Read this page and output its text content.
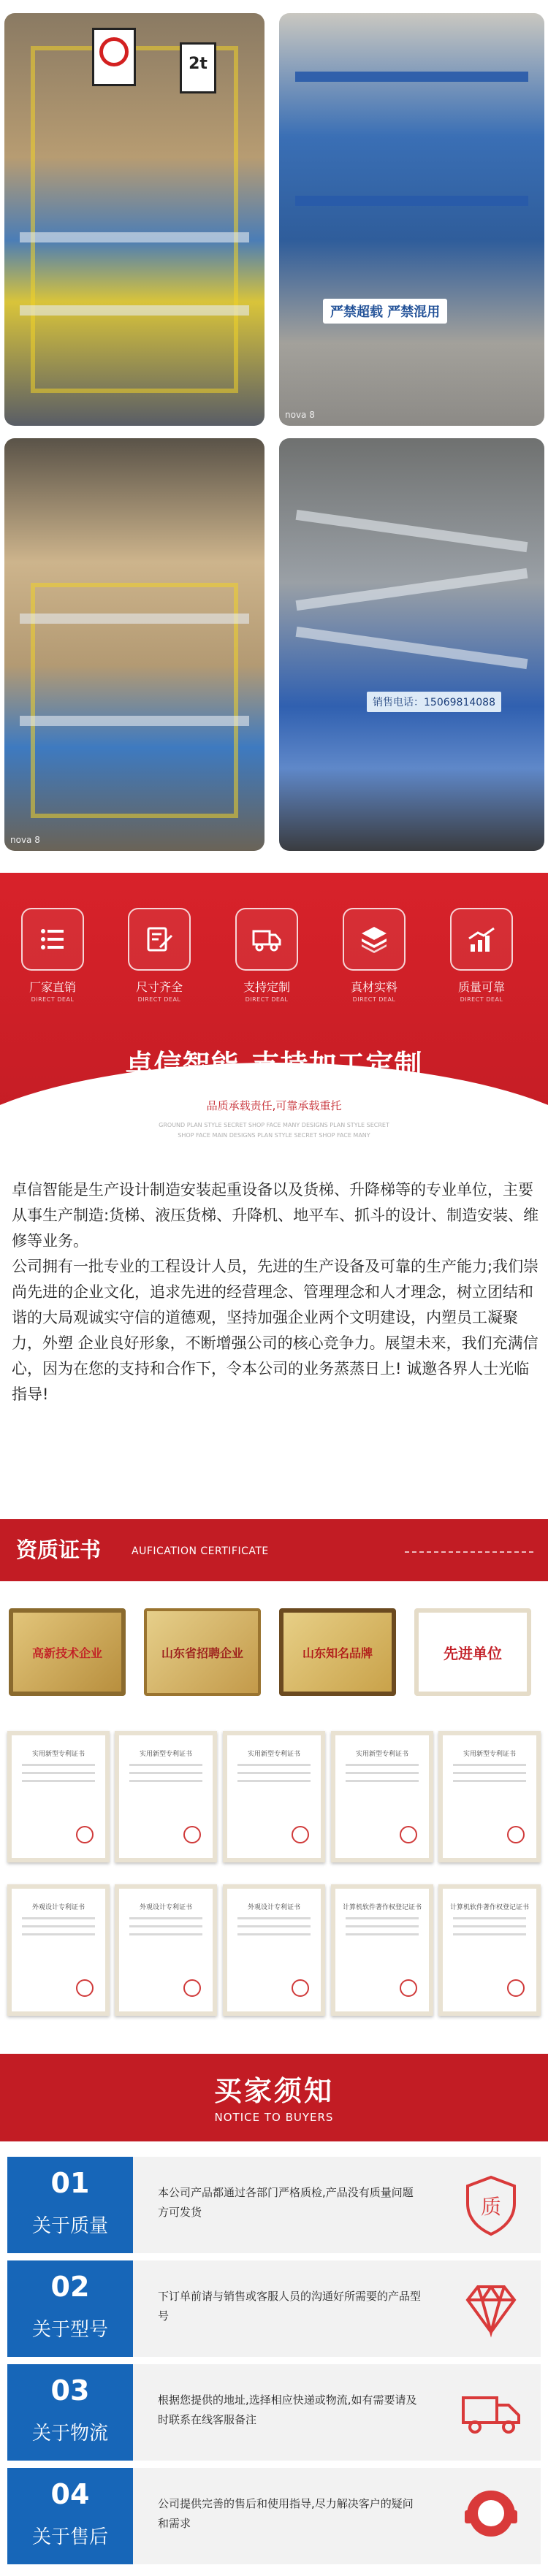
2t
严禁超载 严禁混用
nova 8
nova 8
销售电话：15069814088
厂家直销
DIRECT DEAL
尺寸齐全
DIRECT DEAL
支持定制
DIRECT DEAL
真材实料
DIRECT DEAL
质量可靠
DIRECT DEAL
卓信智能-支持加工定制
品质承载责任,可靠承载重托
GROUND PLAN STYLE SECRET SHOP FACE MANY DESIGNS PLAN STYLE SECRET
SHOP FACE MAIN DESIGNS PLAN STYLE SECRET SHOP FACE MANY

卓信智能是生产设计制造安装起重设备以及货梯、升降梯等的专业单位，主要从事生产制造:货梯、液压货梯、升降机、地平车、抓斗的设计、制造安装、维修等业务。

公司拥有一批专业的工程设计人员，先进的生产设备及可靠的生产能力;我们崇尚先进的企业文化，追求先进的经营理念、管理理念和人才理念，树立团结和谐的大局观诚实守信的道德观，坚持加强企业两个文明建设，内塑员工凝聚力，外塑 企业良好形象，不断增强公司的核心竞争力。展望未来，我们充满信心，因为在您的支持和合作下，令本公司的业务蒸蒸日上! 诚邀各界人士光临指导!

资质证书	AUFICATION CERTIFICATE
高新技术企业	山东省招聘企业	山东知名品牌	先进单位
实用新型专利证书	实用新型专利证书	实用新型专利证书	实用新型专利证书	实用新型专利证书
外观设计专利证书	外观设计专利证书	外观设计专利证书	计算机软件著作权登记证书	计算机软件著作权登记证书
买家须知
NOTICE TO BUYERS
01
关于质量
本公司产品都通过各部门严格质检,产品没有质量问题方可发货	质
02
关于型号
下订单前请与销售或客服人员的沟通好所需要的产品型号
03
关于物流
根据您提供的地址,选择相应快递或物流,如有需要请及时联系在线客服备注
04
关于售后
公司提供完善的售后和使用指导,尽力解决客户的疑问和需求
